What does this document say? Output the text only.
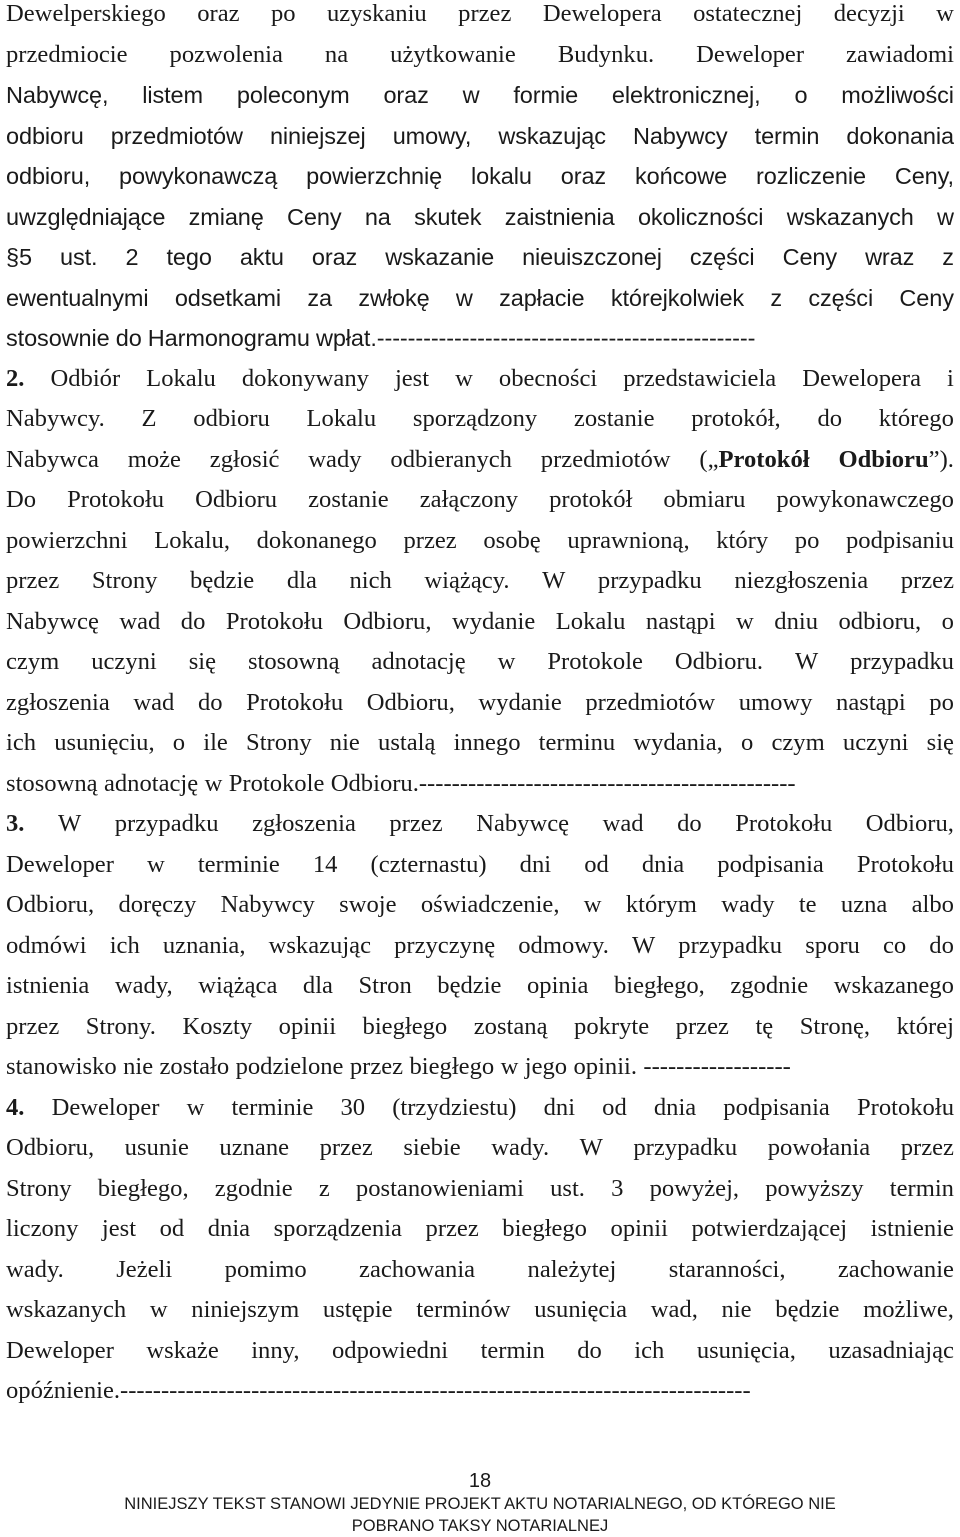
Dewelperskiego oraz po uzyskaniu przez Dewelopera ostatecznej decyzji w
przedmiocie pozwolenia na użytkowanie Budynku. Deweloper zawiadomi
Nabywcę, listem poleconym oraz w formie elektronicznej, o możliwości
odbioru przedmiotów niniejszej umowy, wskazując Nabywcy termin dokonania
odbioru, powykonawczą powierzchnię lokalu oraz końcowe rozliczenie Ceny,
uwzględniające zmianę Ceny na skutek zaistnienia okoliczności wskazanych w
§5 ust. 2 tego aktu oraz wskazanie nieuiszczonej części Ceny wraz z
ewentualnymi odsetkami za zwłokę w zapłacie którejkolwiek z części Ceny
stosownie do Harmonogramu wpłat.-------------------------------------------------
2. Odbiór Lokalu dokonywany jest w obecności przedstawiciela Dewelopera i
Nabywcy. Z odbioru Lokalu sporządzony zostanie protokół, do którego
Nabywca może zgłosić wady odbieranych przedmiotów („Protokół Odbioru”).
Do Protokołu Odbioru zostanie załączony protokół obmiaru powykonawczego
powierzchni Lokalu, dokonanego przez osobę uprawnioną, który po podpisaniu
przez Strony będzie dla nich wiążący. W przypadku niezgłoszenia przez
Nabywcę wad do Protokołu Odbioru, wydanie Lokalu nastąpi w dniu odbioru, o
czym uczyni się stosowną adnotację w Protokole Odbioru. W przypadku
zgłoszenia wad do Protokołu Odbioru, wydanie przedmiotów umowy nastąpi po
ich usunięciu, o ile Strony nie ustalą innego terminu wydania, o czym uczyni się
stosowną adnotację w Protokole Odbioru.----------------------------------------------
3. W przypadku zgłoszenia przez Nabywcę wad do Protokołu Odbioru,
Deweloper w terminie 14 (czternastu) dni od dnia podpisania Protokołu
Odbioru, doręczy Nabywcy swoje oświadczenie, w którym wady te uzna albo
odmówi ich uznania, wskazując przyczynę odmowy. W przypadku sporu co do
istnienia wady, wiążąca dla Stron będzie opinia biegłego, zgodnie wskazanego
przez Strony. Koszty opinii biegłego zostaną pokryte przez tę Stronę, której
stanowisko nie zostało podzielone przez biegłego w jego opinii. ------------------
4. Deweloper w terminie 30 (trzydziestu) dni od dnia podpisania Protokołu
Odbioru, usunie uznane przez siebie wady. W przypadku powołania przez
Strony biegłego, zgodnie z postanowieniami ust. 3 powyżej, powyższy termin
liczony jest od dnia sporządzenia przez biegłego opinii potwierdzającej istnienie
wady. Jeżeli pomimo zachowania należytej staranności, zachowanie
wskazanych w niniejszym ustępie terminów usunięcia wad, nie będzie możliwe,
Deweloper wskaże inny, odpowiedni termin do ich usunięcia, uzasadniając
opóźnienie.-----------------------------------------------------------------------------
18
NINIEJSZY TEKST STANOWI JEDYNIE PROJEKT AKTU NOTARIALNEGO, OD KTÓREGO NIE
POBRANO TAKSY NOTARIALNEJ
